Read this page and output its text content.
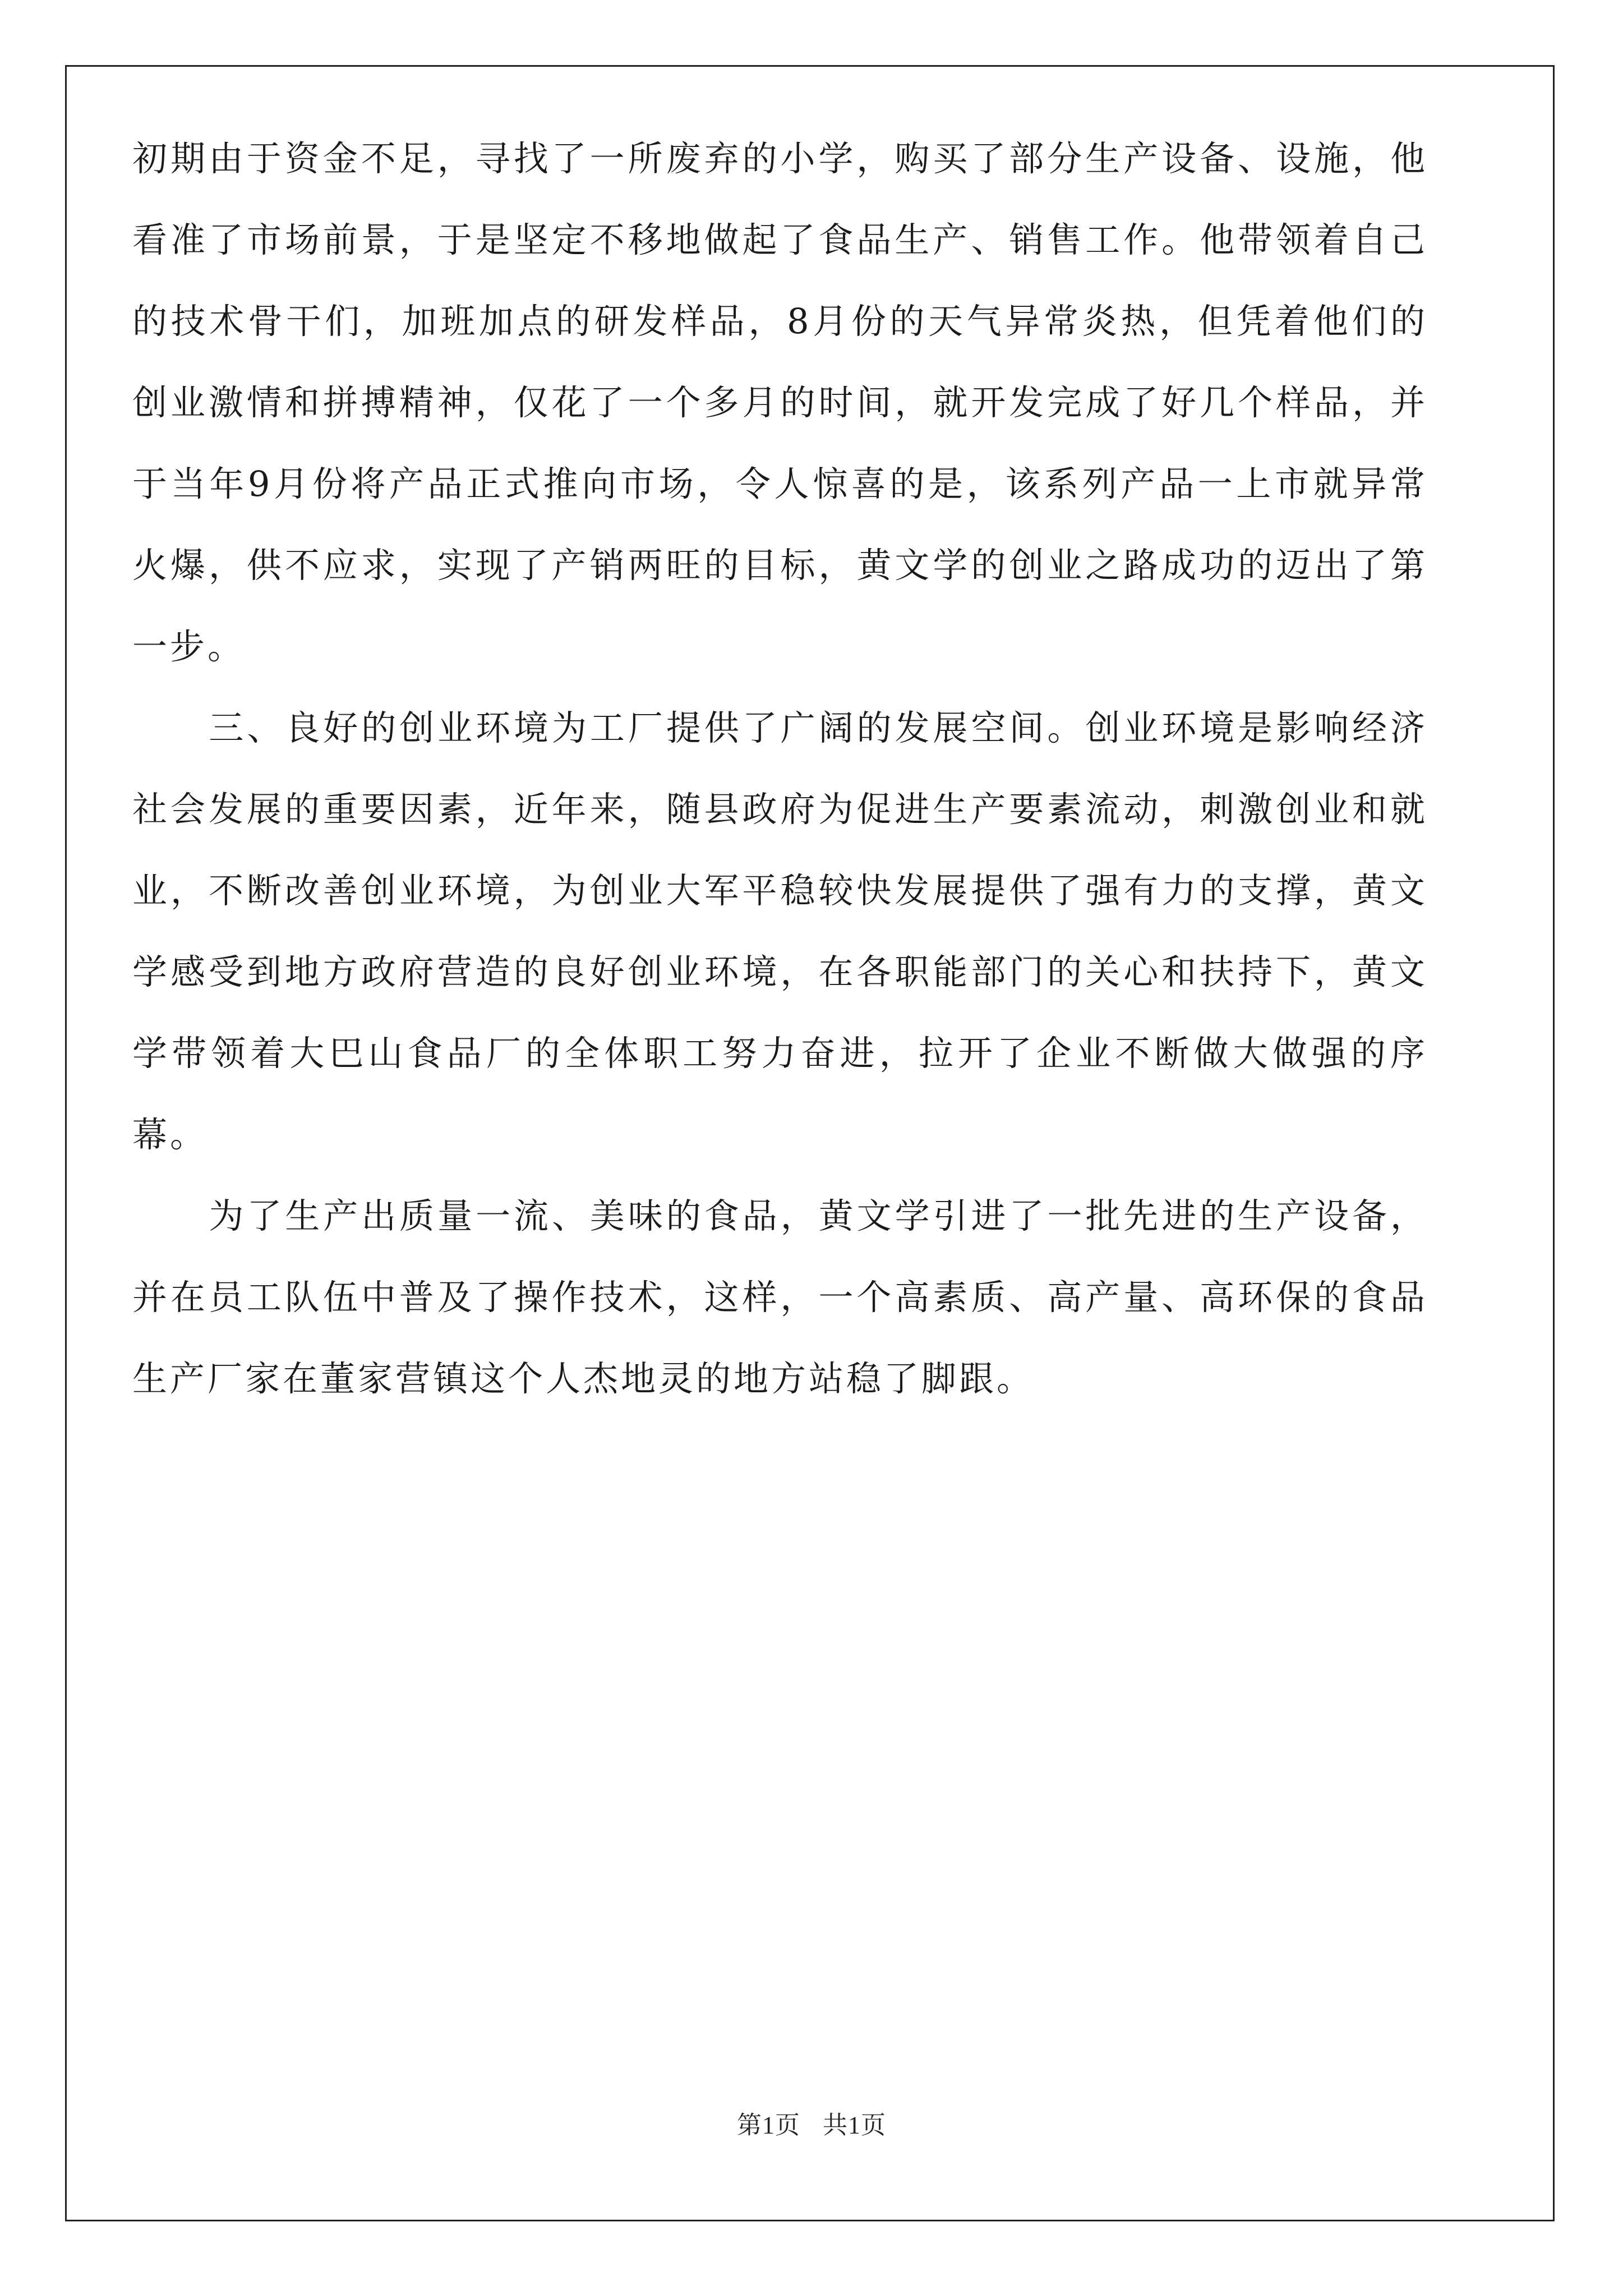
初期由于资金不足，寻找了一所废弃的小学，购买了部分生产设备、设施，他看准了市场前景，于是坚定不移地做起了食品生产、销售工作。他带领着自己的技术骨干们，加班加点的研发样品，8月份的天气异常炎热，但凭着他们的创业激情和拼搏精神，仅花了一个多月的时间，就开发完成了好几个样品，并于当年9月份将产品正式推向市场，令人惊喜的是，该系列产品一上市就异常火爆，供不应求，实现了产销两旺的目标，黄文学的创业之路成功的迈出了第一步。

三、良好的创业环境为工厂提供了广阔的发展空间。创业环境是影响经济社会发展的重要因素，近年来，随县政府为促进生产要素流动，刺激创业和就业，不断改善创业环境，为创业大军平稳较快发展提供了强有力的支撑，黄文学感受到地方政府营造的良好创业环境，在各职能部门的关心和扶持下，黄文学带领着大巴山食品厂的全体职工努力奋进，拉开了企业不断做大做强的序幕。

为了生产出质量一流、美味的食品，黄文学引进了一批先进的生产设备，并在员工队伍中普及了操作技术，这样，一个高素质、高产量、高环保的食品生产厂家在董家营镇这个人杰地灵的地方站稳了脚跟。

第1页 共1页
